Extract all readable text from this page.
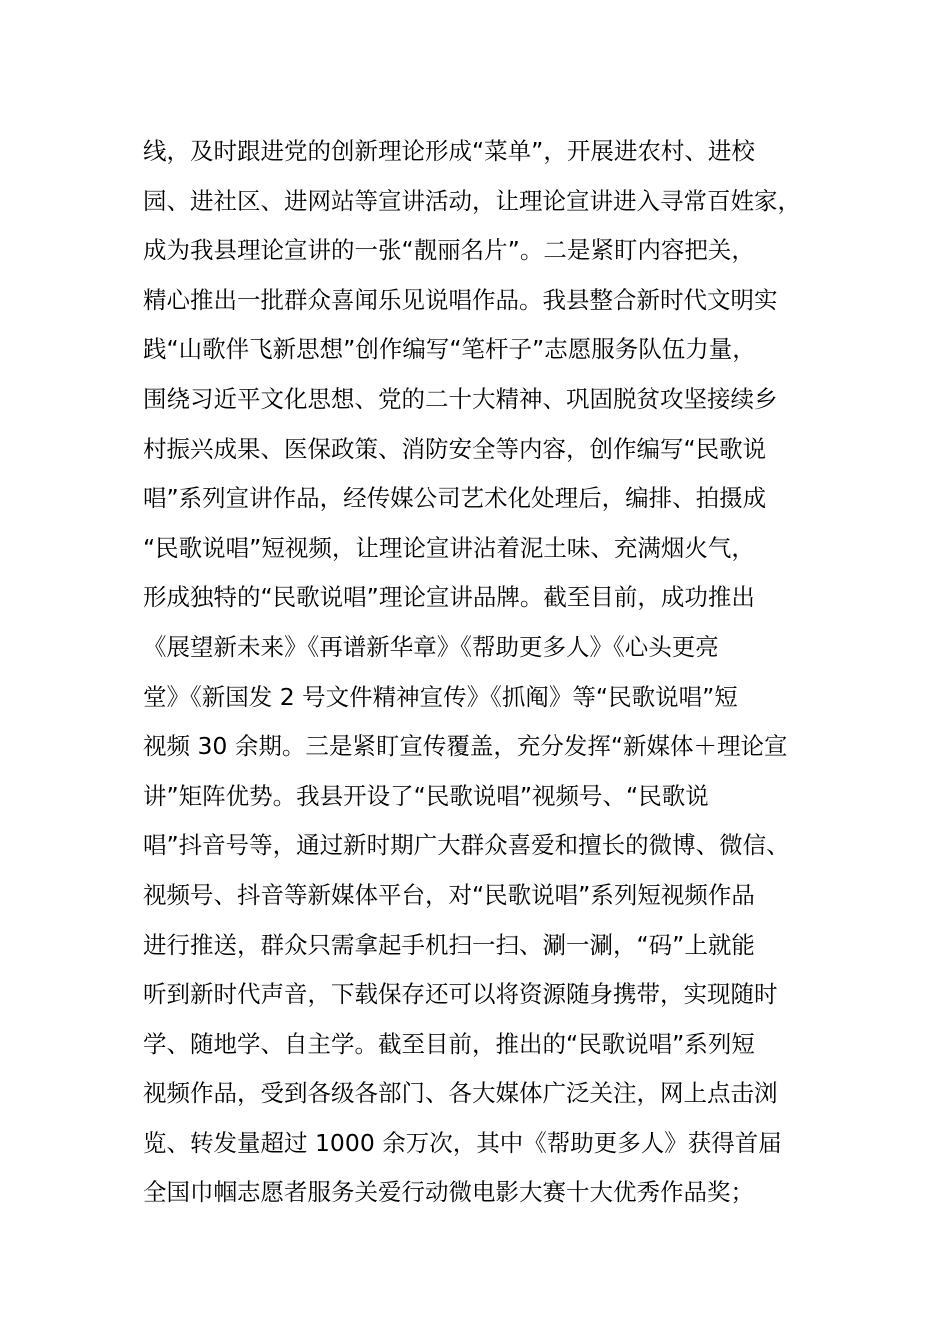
线，及时跟进党的创新理论形成“菜单”，开展进农村、进校
园、进社区、进网站等宣讲活动，让理论宣讲进入寻常百姓家，
成为我县理论宣讲的一张“靓丽名片”。二是紧盯内容把关，
精心推出一批群众喜闻乐见说唱作品。我县整合新时代文明实
践“山歌伴飞新思想”创作编写“笔杆子”志愿服务队伍力量，
围绕习近平文化思想、党的二十大精神、巩固脱贫攻坚接续乡
村振兴成果、医保政策、消防安全等内容，创作编写“民歌说
唱”系列宣讲作品，经传媒公司艺术化处理后，编排、拍摄成
“民歌说唱”短视频，让理论宣讲沾着泥土味、充满烟火气，
形成独特的“民歌说唱”理论宣讲品牌。截至目前，成功推出
《展望新未来》《再谱新华章》《帮助更多人》《心头更亮
堂》《新国发 2 号文件精神宣传》《抓阄》等“民歌说唱”短
视频 30 余期。三是紧盯宣传覆盖，充分发挥“新媒体＋理论宣
讲”矩阵优势。我县开设了“民歌说唱”视频号、“民歌说
唱”抖音号等，通过新时期广大群众喜爱和擅长的微博、微信、
视频号、抖音等新媒体平台，对“民歌说唱”系列短视频作品
进行推送，群众只需拿起手机扫一扫、涮一涮，“码”上就能
听到新时代声音，下载保存还可以将资源随身携带，实现随时
学、随地学、自主学。截至目前，推出的“民歌说唱”系列短
视频作品，受到各级各部门、各大媒体广泛关注，网上点击浏
览、转发量超过 1000 余万次，其中《帮助更多人》获得首届
全国巾帼志愿者服务关爱行动微电影大赛十大优秀作品奖；
